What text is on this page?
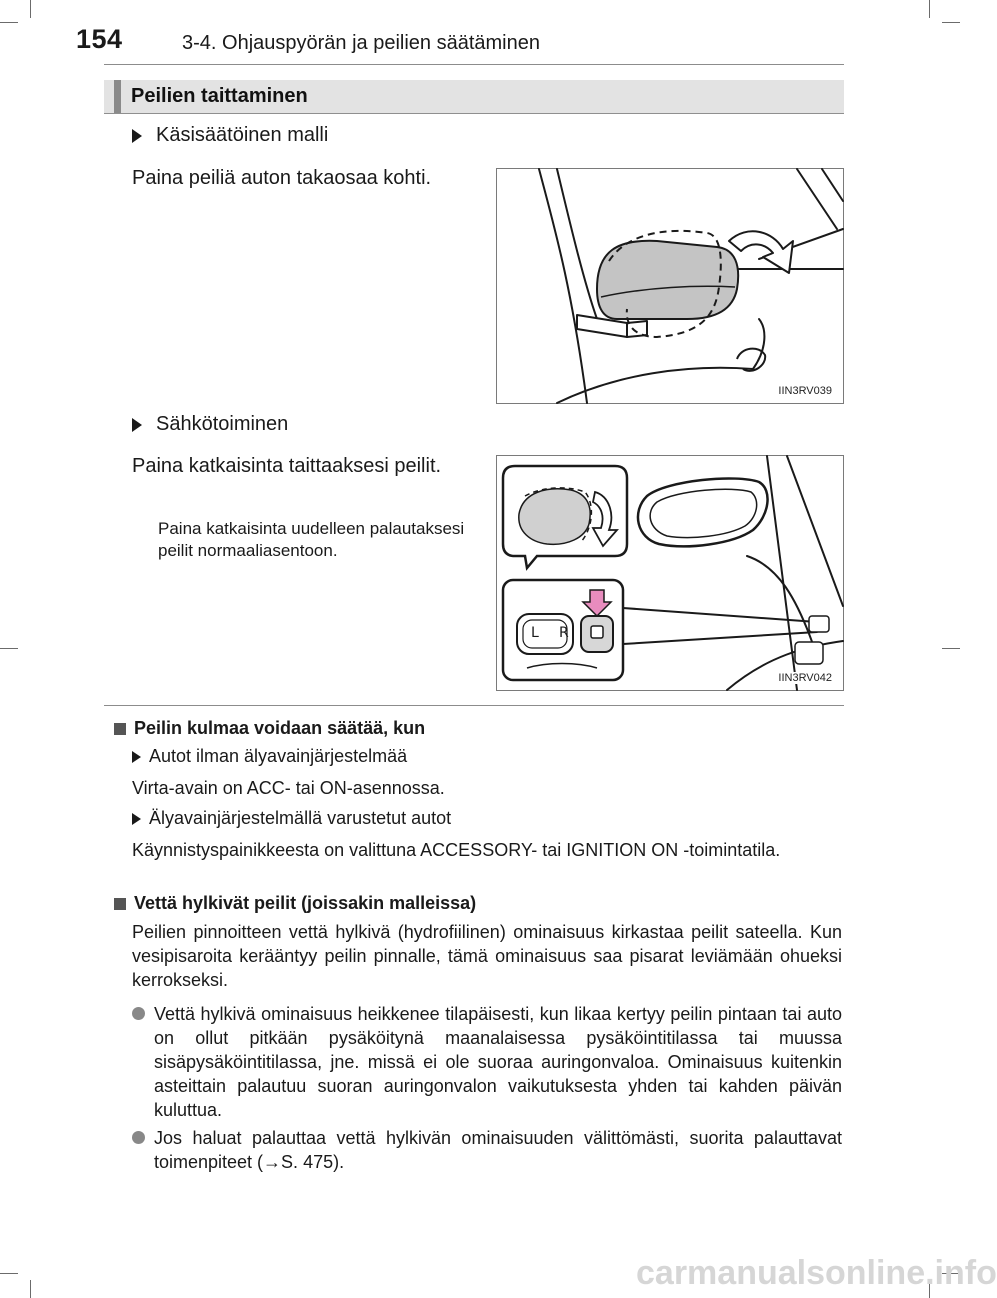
154	3-4. Ohjauspyörän ja peilien säätäminen
Peilien taittaminen
Käsisäätöinen malli
Paina peiliä auton takaosaa kohti.
IIN3RV039
Sähkötoiminen
Paina katkaisinta taittaaksesi peilit.
Paina katkaisinta uudelleen palautaksesi peilit normaaliasentoon.
L R
IIN3RV042
Peilin kulmaa voidaan säätää, kun
Autot ilman älyavainjärjestelmää
Virta-avain on ACC- tai ON-asennossa.
Älyavainjärjestelmällä varustetut autot
Käynnistyspainikkeesta on valittuna ACCESSORY- tai IGNITION ON -toimintatila.
Vettä hylkivät peilit (joissakin malleissa)
Peilien pinnoitteen vettä hylkivä (hydrofiilinen) ominaisuus kirkastaa peilit sateella. Kun vesipisaroita kerääntyy peilin pinnalle, tämä ominaisuus saa pisarat leviämään ohueksi kerrokseksi.
Vettä hylkivä ominaisuus heikkenee tilapäisesti, kun likaa kertyy peilin pintaan tai auto on ollut pitkään pysäköitynä maanalaisessa pysäköintitilassa tai muussa sisäpysäköintitilassa, jne. missä ei ole suoraa auringonvaloa. Ominaisuus kuitenkin asteittain palautuu suoran auringonvalon vaikutuksesta yhden tai kahden päivän kuluttua.
Jos haluat palauttaa vettä hylkivän ominaisuuden välittömästi, suorita palauttavat toimenpiteet (→S. 475).
carmanualsonline.info
